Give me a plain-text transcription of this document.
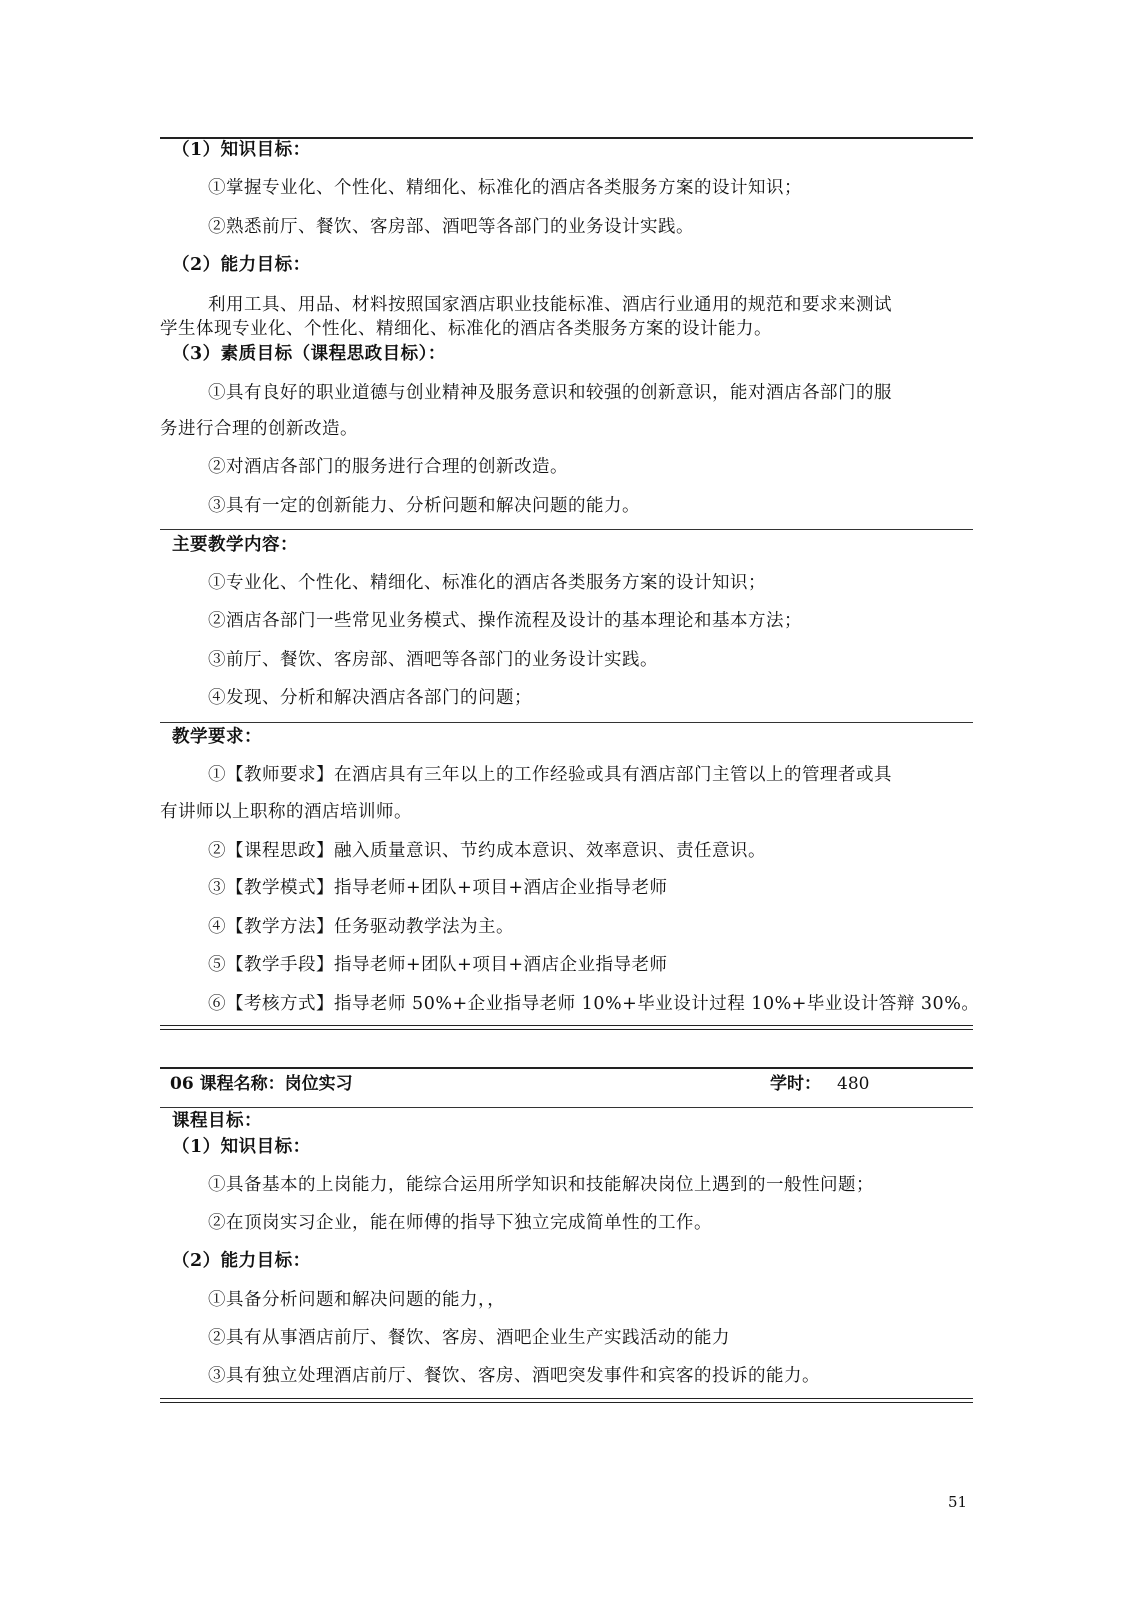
（1）知识目标：
①掌握专业化、个性化、精细化、标准化的酒店各类服务方案的设计知识；
②熟悉前厅、餐饮、客房部、酒吧等各部门的业务设计实践。
（2）能力目标：
利用工具、用品、材料按照国家酒店职业技能标准、酒店行业通用的规范和要求来测试
学生体现专业化、个性化、精细化、标准化的酒店各类服务方案的设计能力。
（3）素质目标（课程思政目标）：
①具有良好的职业道德与创业精神及服务意识和较强的创新意识，能对酒店各部门的服
务进行合理的创新改造。
②对酒店各部门的服务进行合理的创新改造。
③具有一定的创新能力、分析问题和解决问题的能力。
主要教学内容：
①专业化、个性化、精细化、标准化的酒店各类服务方案的设计知识；
②酒店各部门一些常见业务模式、操作流程及设计的基本理论和基本方法；
③前厅、餐饮、客房部、酒吧等各部门的业务设计实践。
④发现、分析和解决酒店各部门的问题；
教学要求：
①【教师要求】在酒店具有三年以上的工作经验或具有酒店部门主管以上的管理者或具
有讲师以上职称的酒店培训师。
②【课程思政】融入质量意识、节约成本意识、效率意识、责任意识。
③【教学模式】指导老师+团队+项目+酒店企业指导老师
④【教学方法】任务驱动教学法为主。
⑤【教学手段】指导老师+团队+项目+酒店企业指导老师
⑥【考核方式】指导老师 50%+企业指导老师 10%+毕业设计过程 10%+毕业设计答辩 30%。
06 课程名称：岗位实习	学时： 480
课程目标：
（1）知识目标：
①具备基本的上岗能力，能综合运用所学知识和技能解决岗位上遇到的一般性问题；
②在顶岗实习企业，能在师傅的指导下独立完成简单性的工作。
（2）能力目标：
①具备分析问题和解决问题的能力，，
②具有从事酒店前厅、餐饮、客房、酒吧企业生产实践活动的能力
③具有独立处理酒店前厅、餐饮、客房、酒吧突发事件和宾客的投诉的能力。
51
